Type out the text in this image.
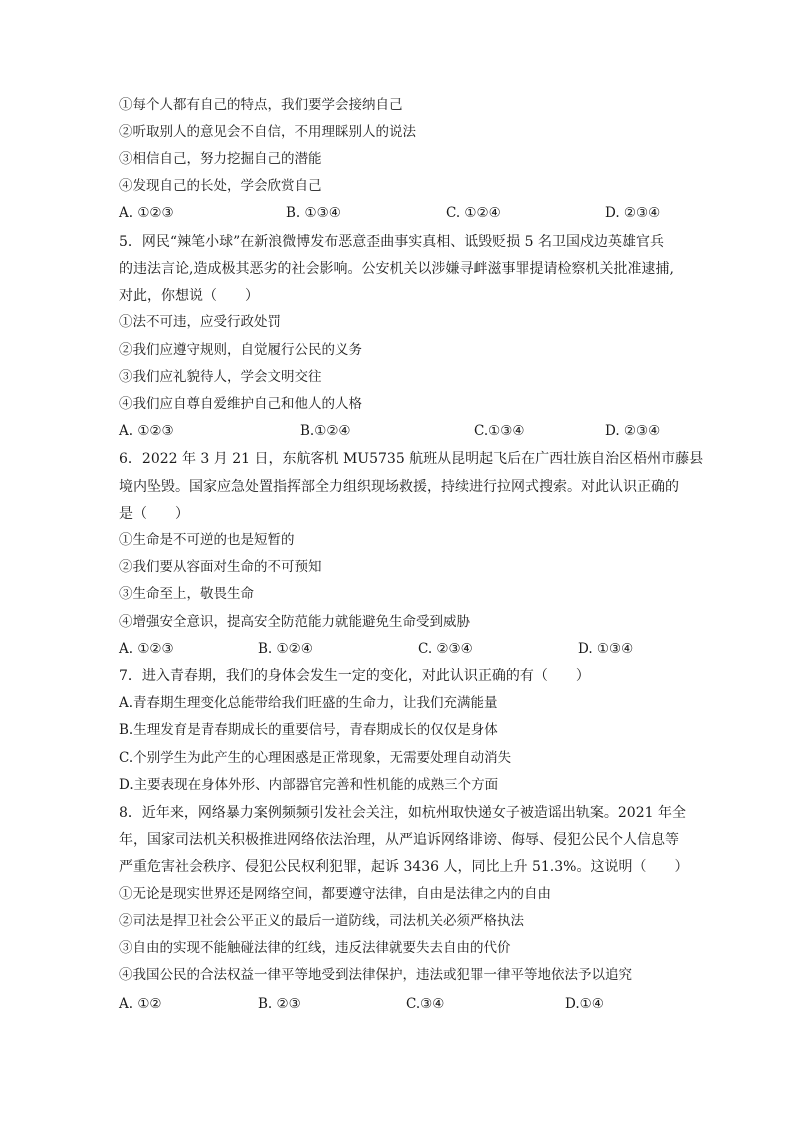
①每个人都有自己的特点，我们要学会接纳自己
②听取别人的意见会不自信，不用理睬别人的说法
③相信自己，努力挖掘自己的潜能
④发现自己的长处，学会欣赏自己
A. ①②③	B. ①③④	C. ①②④	D. ②③④
5．网民“辣笔小球”在新浪微博发布恶意歪曲事实真相、诋毁贬损 5 名卫国戍边英雄官兵
的违法言论,造成极其恶劣的社会影响。公安机关以涉嫌寻衅滋事罪提请检察机关批准逮捕,
对此，你想说（　　）
①法不可违，应受行政处罚
②我们应遵守规则，自觉履行公民的义务
③我们应礼貌待人，学会文明交往
④我们应自尊自爱维护自己和他人的人格
A. ①②③	B.①②④	C.①③④	D. ②③④
6．2022 年 3 月 21 日，东航客机 MU5735 航班从昆明起飞后在广西壮族自治区梧州市藤县
境内坠毁。国家应急处置指挥部全力组织现场救援，持续进行拉网式搜索。对此认识正确的
是（　　）
①生命是不可逆的也是短暂的
②我们要从容面对生命的不可预知
③生命至上，敬畏生命
④增强安全意识，提高安全防范能力就能避免生命受到威胁
A. ①②③	B. ①②④	C. ②③④	D. ①③④
7．进入青春期，我们的身体会发生一定的变化，对此认识正确的有（　　）
A.青春期生理变化总能带给我们旺盛的生命力，让我们充满能量
B.生理发育是青春期成长的重要信号，青春期成长的仅仅是身体
C.个别学生为此产生的心理困惑是正常现象，无需要处理自动消失
D.主要表现在身体外形、内部器官完善和性机能的成熟三个方面
8．近年来，网络暴力案例频频引发社会关注，如杭州取快递女子被造谣出轨案。2021 年全
年，国家司法机关积极推进网络依法治理，从严追诉网络诽谤、侮辱、侵犯公民个人信息等
严重危害社会秩序、侵犯公民权利犯罪，起诉 3436 人，同比上升 51.3%。这说明（　　）
①无论是现实世界还是网络空间，都要遵守法律，自由是法律之内的自由
②司法是捍卫社会公平正义的最后一道防线，司法机关必须严格执法
③自由的实现不能触碰法律的红线，违反法律就要失去自由的代价
④我国公民的合法权益一律平等地受到法律保护，违法或犯罪一律平等地依法予以追究
A. ①②	B. ②③	C.③④	D.①④
